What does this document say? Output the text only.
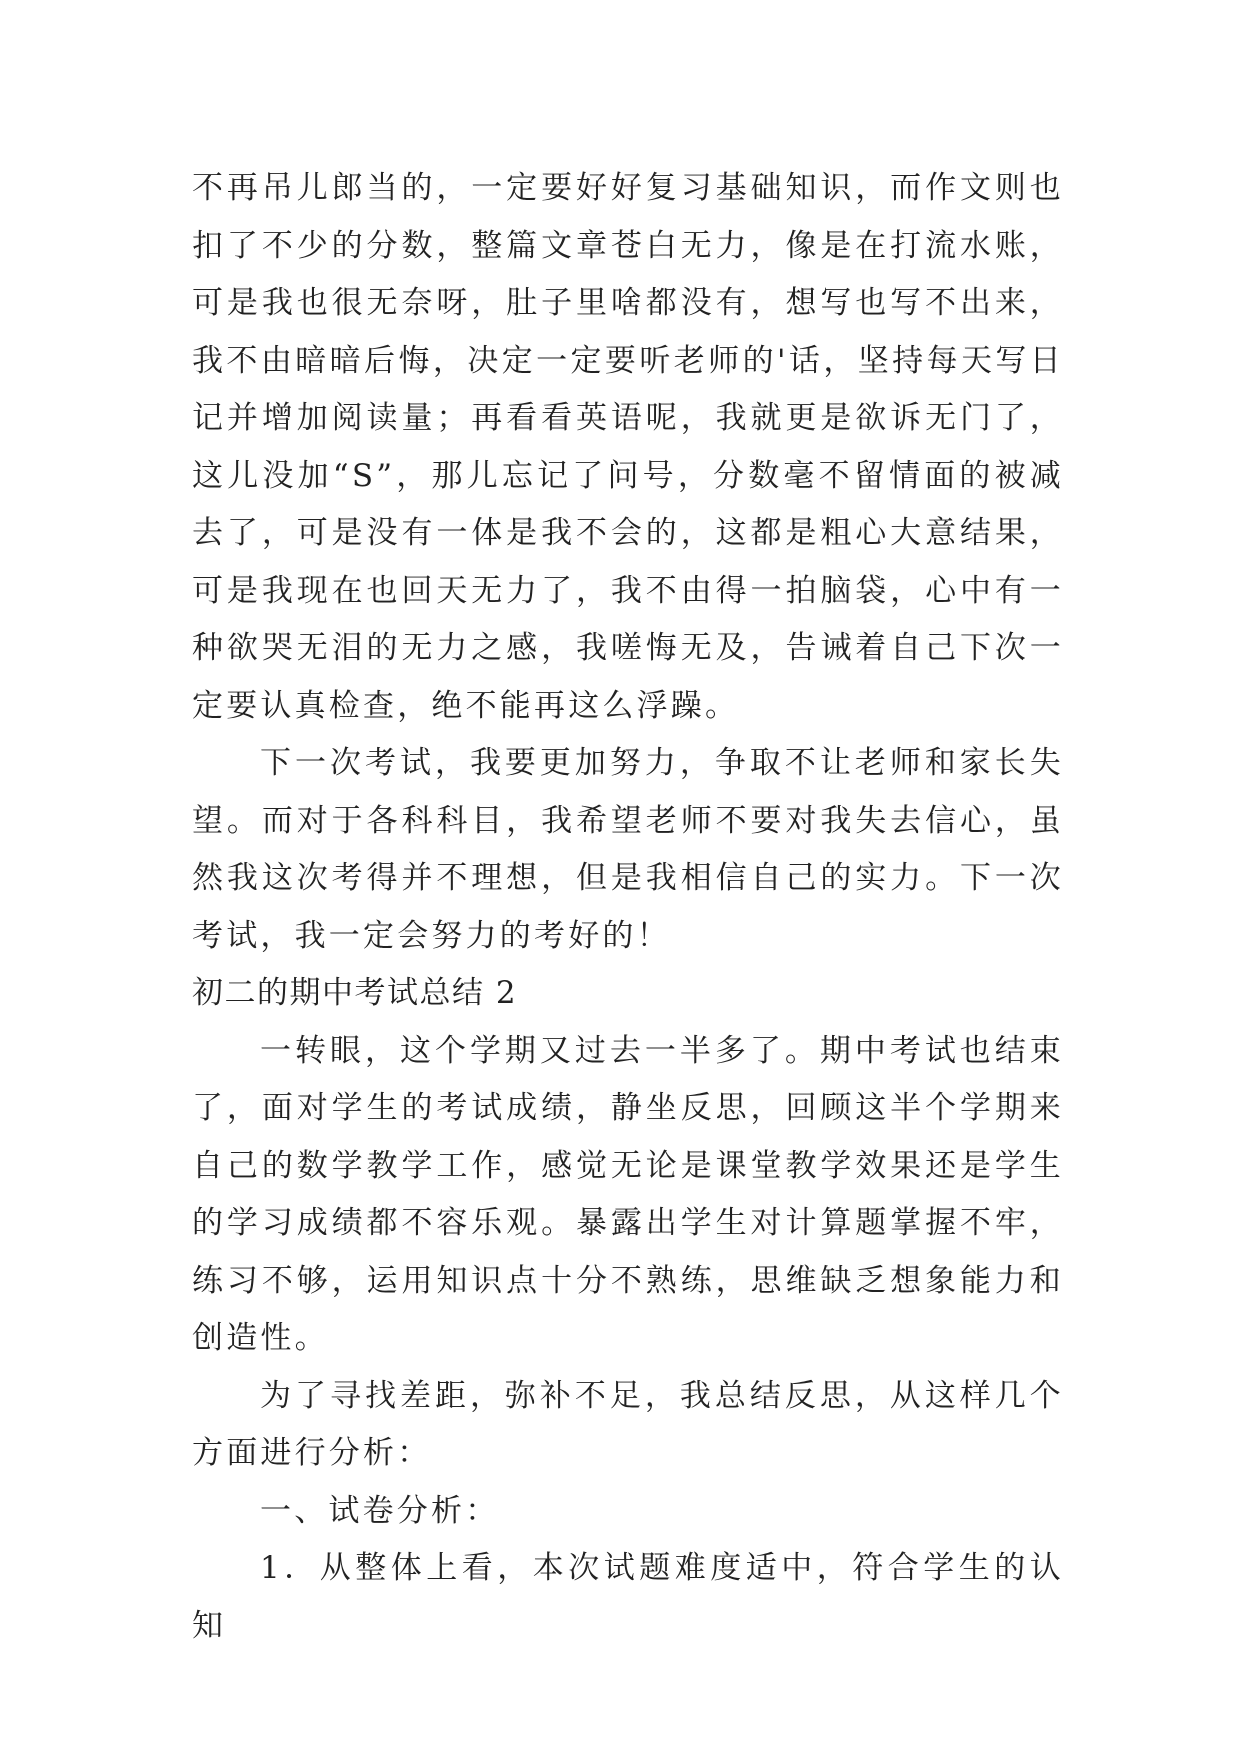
不再吊儿郎当的，一定要好好复习基础知识，而作文则也扣了不少的分数，整篇文章苍白无力，像是在打流水账，可是我也很无奈呀，肚子里啥都没有，想写也写不出来，我不由暗暗后悔，决定一定要听老师的'话，坚持每天写日记并增加阅读量；再看看英语呢，我就更是欲诉无门了，这儿没加“S”，那儿忘记了问号，分数毫不留情面的被减去了，可是没有一体是我不会的，这都是粗心大意结果，可是我现在也回天无力了，我不由得一拍脑袋，心中有一种欲哭无泪的无力之感，我嗟悔无及，告诫着自己下次一定要认真检查，绝不能再这么浮躁。

下一次考试，我要更加努力，争取不让老师和家长失望。而对于各科科目，我希望老师不要对我失去信心，虽然我这次考得并不理想，但是我相信自己的实力。下一次考试，我一定会努力的考好的！

初二的期中考试总结 2

一转眼，这个学期又过去一半多了。期中考试也结束了，面对学生的考试成绩，静坐反思，回顾这半个学期来自己的数学教学工作，感觉无论是课堂教学效果还是学生的学习成绩都不容乐观。暴露出学生对计算题掌握不牢，练习不够，运用知识点十分不熟练，思维缺乏想象能力和创造性。

为了寻找差距，弥补不足，我总结反思，从这样几个方面进行分析：

一、试卷分析：

1．从整体上看，本次试题难度适中，符合学生的认知
